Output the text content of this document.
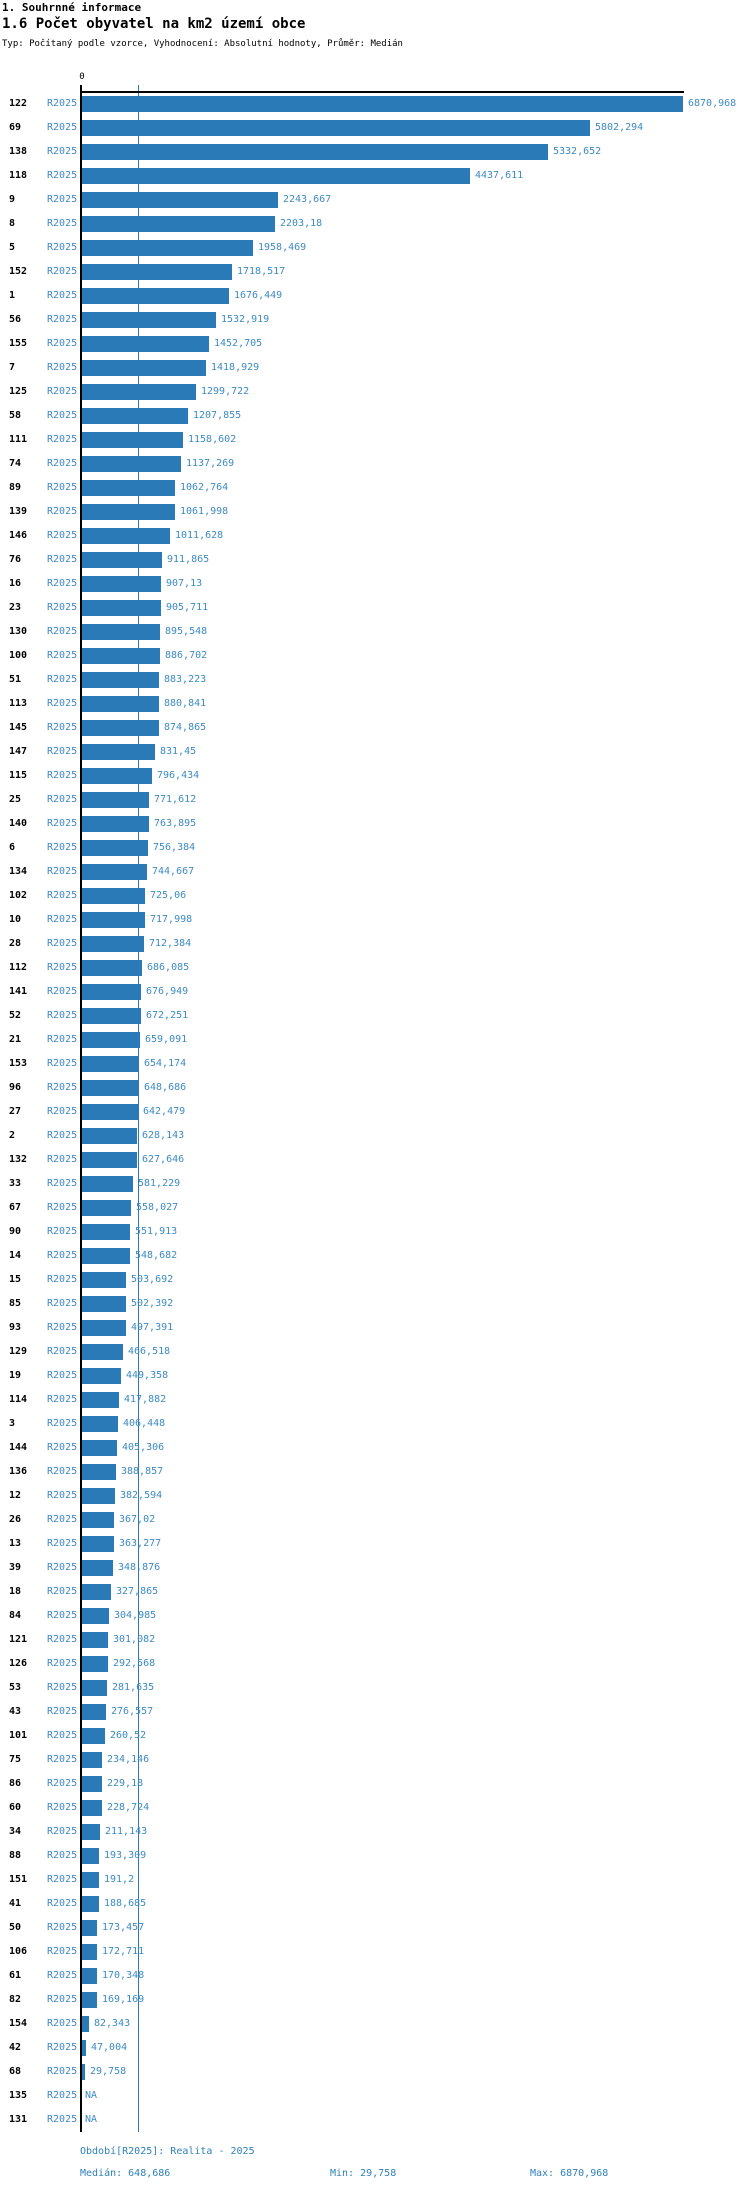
1. Souhrnné informace
1.6 Počet obyvatel na km2 území obce
Typ: Počítaný podle vzorce, Vyhodnocení: Absolutní hodnoty, Průměr: Medián
0
122 R2025	6870,968
69	R2025	5802,294
138 R2025	5332,652
118 R2025	4437,611
9	R2025	2243,667
8	R2025	2203,18
5	R2025	1958,469
152 R2025	1718,517
1	R2025	1676,449
56	R2025	1532,919
155 R2025	1452,705
7	R2025	1418,929
125 R2025	1299,722
58	R2025	1207,855
111 R2025	1158,602
74	R2025	1137,269
89	R2025	1062,764
139 R2025	1061,998
146 R2025	1011,628
76	R2025	911,865
16	R2025	907,13
23	R2025	905,711
130 R2025	895,548
100 R2025	886,702
51	R2025	883,223
113 R2025	880,841
145 R2025	874,865
147 R2025	831,45
115 R2025	796,434
25	R2025	771,612
140 R2025	763,895
6	R2025	756,384
134 R2025	744,667
102 R2025	725,06
10	R2025	717,998
28	R2025	712,384
112 R2025	686,085
141 R2025	676,949
52	R2025	672,251
21	R2025	659,091
153 R2025	654,174
96	R2025	648,686
27	R2025	642,479
2	R2025	628,143
132 R2025	627,646
33	R2025	581,229
67	R2025	558,027
90	R2025	551,913
14	R2025	548,682
15	R2025	503,692
85	R2025	502,392
93	R2025	497,391
129 R2025	466,518
19	R2025	449,358
114 R2025	417,882
3	R2025	406,448
144 R2025	405,306
136 R2025	388,857
12	R2025	382,594
26	R2025	367,02
13	R2025	363,277
39	R2025	348,876
18	R2025	327,865
84	R2025	304,985
121 R2025	301,082
126 R2025	292,568
53	R2025	281,635
43	R2025	276,557
101 R2025	260,52
75	R2025	234,146
86	R2025	229,18
60	R2025	228,724
34	R2025	211,143
88	R2025	193,309
151 R2025	191,2
41	R2025	188,685
50	R2025 173,457
106 R2025 172,711
61	R2025 170,348
82	R2025 169,169
154 R2025 82,343
42	R2025 47,004
68	R2025 29,758
135 R2025 NA
131 R2025 NA
Období[R2025]: Realita - 2025
Medián: 648,686	Min: 29,758	Max: 6870,968
